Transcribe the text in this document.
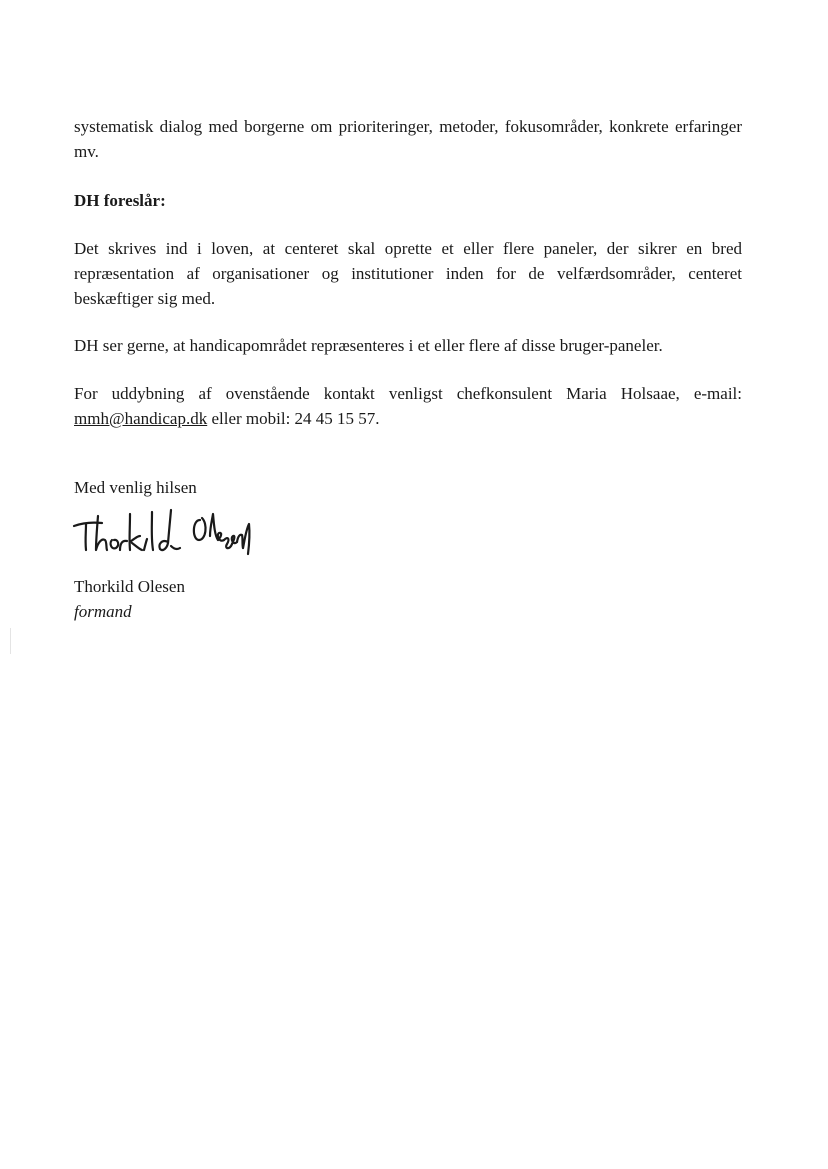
systematisk dialog med borgerne om prioriteringer, metoder, fokusområder, konkrete erfaringer mv.

DH foreslår:

Det skrives ind i loven, at centeret skal oprette et eller flere paneler, der sikrer en bred repræsentation af organisationer og institutioner inden for de velfærdsområder, centeret beskæftiger sig med.

DH ser gerne, at handicapområdet repræsenteres i et eller flere af disse bruger-paneler.

For uddybning af ovenstående kontakt venligst chefkonsulent Maria Holsaae, e-mail: mmh@handicap.dk eller mobil: 24 45 15 57.

Med venlig hilsen

Thorkild Olesen

formand
